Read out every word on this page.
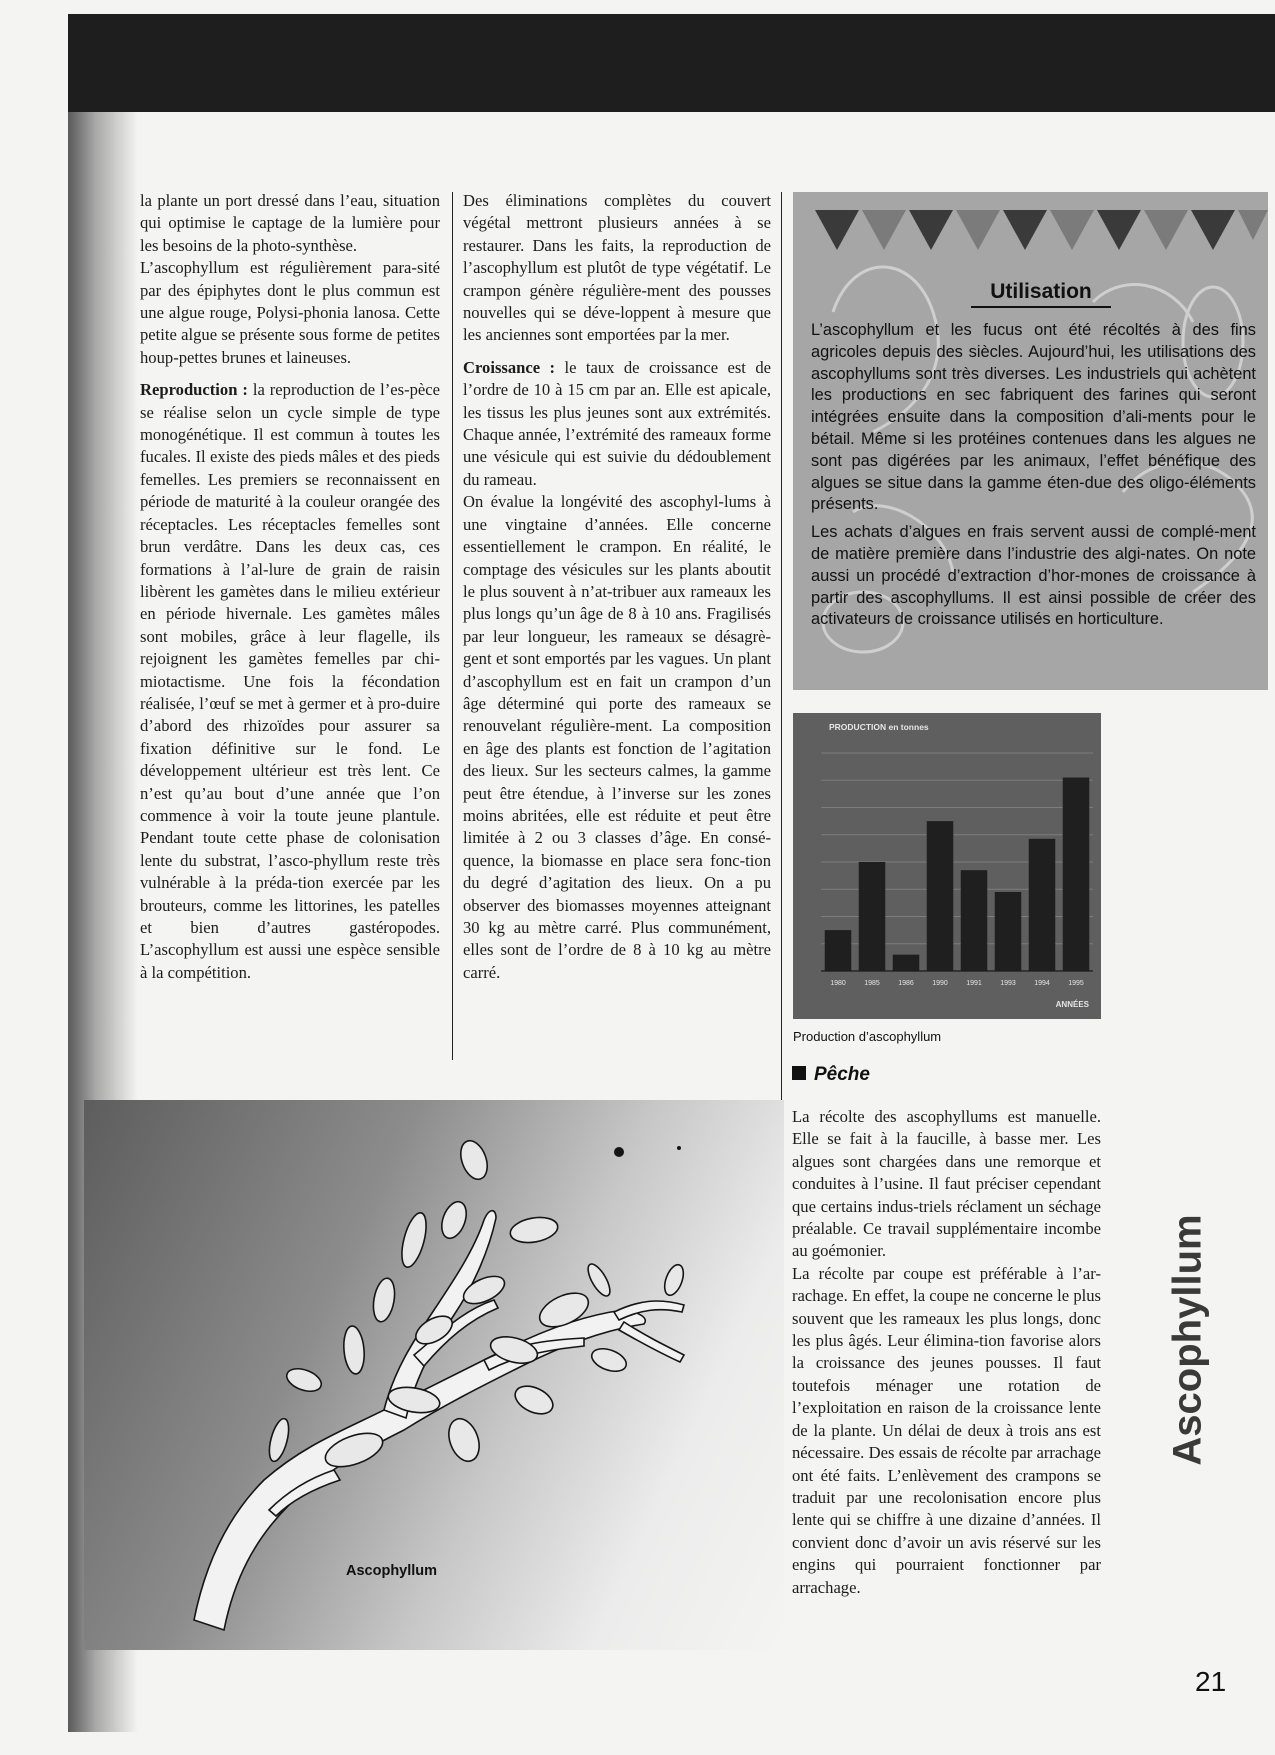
la plante un port dressé dans l’eau, situation qui optimise le captage de la lumière pour les besoins de la photo-synthèse.

L’ascophyllum est régulièrement para-sité par des épiphytes dont le plus commun est une algue rouge, Polysi-phonia lanosa. Cette petite algue se présente sous forme de petites houp-pettes brunes et laineuses.

Reproduction : la reproduction de l’es-pèce se réalise selon un cycle simple de type monogénétique. Il est commun à toutes les fucales. Il existe des pieds mâles et des pieds femelles. Les premiers se reconnaissent en période de maturité à la couleur orangée des réceptacles. Les réceptacles femelles sont brun verdâtre. Dans les deux cas, ces formations à l’al-lure de grain de raisin libèrent les gamètes dans le milieu extérieur en période hivernale. Les gamètes mâles sont mobiles, grâce à leur flagelle, ils rejoignent les gamètes femelles par chi-miotactisme. Une fois la fécondation réalisée, l’œuf se met à germer et à pro-duire d’abord des rhizoïdes pour assurer sa fixation définitive sur le fond. Le développement ultérieur est très lent. Ce n’est qu’au bout d’une année que l’on commence à voir la toute jeune plantule. Pendant toute cette phase de colonisation lente du substrat, l’asco-phyllum reste très vulnérable à la préda-tion exercée par les brouteurs, comme les littorines, les patelles et bien d’autres gastéropodes. L’ascophyllum est aussi une espèce sensible à la compétition.

Des éliminations complètes du couvert végétal mettront plusieurs années à se restaurer. Dans les faits, la reproduction de l’ascophyllum est plutôt de type végétatif. Le crampon génère régulière-ment des pousses nouvelles qui se déve-loppent à mesure que les anciennes sont emportées par la mer.

Croissance : le taux de croissance est de l’ordre de 10 à 15 cm par an. Elle est apicale, les tissus les plus jeunes sont aux extrémités. Chaque année, l’extrémité des rameaux forme une vésicule qui est suivie du dédoublement du rameau.

On évalue la longévité des ascophyl-lums à une vingtaine d’années. Elle concerne essentiellement le crampon. En réalité, le comptage des vésicules sur les plants aboutit le plus souvent à n’at-tribuer aux rameaux les plus longs qu’un âge de 8 à 10 ans. Fragilisés par leur longueur, les rameaux se désagrè-gent et sont emportés par les vagues. Un plant d’ascophyllum est en fait un crampon d’un âge déterminé qui porte des rameaux se renouvelant régulière-ment. La composition en âge des plants est fonction de l’agitation des lieux. Sur les secteurs calmes, la gamme peut être étendue, à l’inverse sur les zones moins abritées, elle est réduite et peut être limitée à 2 ou 3 classes d’âge. En consé-quence, la biomasse en place sera fonc-tion du degré d’agitation des lieux. On a pu observer des biomasses moyennes atteignant 30 kg au mètre carré. Plus communément, elles sont de l’ordre de 8 à 10 kg au mètre carré.

Utilisation

L’ascophyllum et les fucus ont été récoltés à des fins agricoles depuis des siècles. Aujourd’hui, les utilisations des ascophyllums sont très diverses. Les industriels qui achètent les productions en sec fabriquent des farines qui seront intégrées ensuite dans la composition d’ali-ments pour le bétail. Même si les protéines contenues dans les algues ne sont pas digérées par les animaux, l’effet bénéfique des algues se situe dans la gamme éten-due des oligo-éléments présents.

Les achats d’algues en frais servent aussi de complé-ment de matière première dans l’industrie des algi-nates. On note aussi un procédé d’extraction d’hor-mones de croissance à partir des ascophyllums. Il est ainsi possible de créer des activateurs de croissance utilisés en horticulture.

PRODUCTION en tonnes
1980	1985	1986	1990	1991	1993	1994	1995
ANNÉES
Production d’ascophyllum
Pêche

La récolte des ascophyllums est manuelle. Elle se fait à la faucille, à basse mer. Les algues sont chargées dans une remorque et conduites à l’usine. Il faut préciser cependant que certains indus-triels réclament un séchage préalable. Ce travail supplémentaire incombe au goémonier.

La récolte par coupe est préférable à l’ar-rachage. En effet, la coupe ne concerne le plus souvent que les rameaux les plus longs, donc les plus âgés. Leur élimina-tion favorise alors la croissance des jeunes pousses. Il faut toutefois ménager une rotation de l’exploitation en raison de la croissance lente de la plante. Un délai de deux à trois ans est nécessaire. Des essais de récolte par arrachage ont été faits. L’enlèvement des crampons se traduit par une recolonisation encore plus lente qui se chiffre à une dizaine d’années. Il convient donc d’avoir un avis réservé sur les engins qui pourraient fonctionner par arrachage.

Ascophyllum
Ascophyllum
21
